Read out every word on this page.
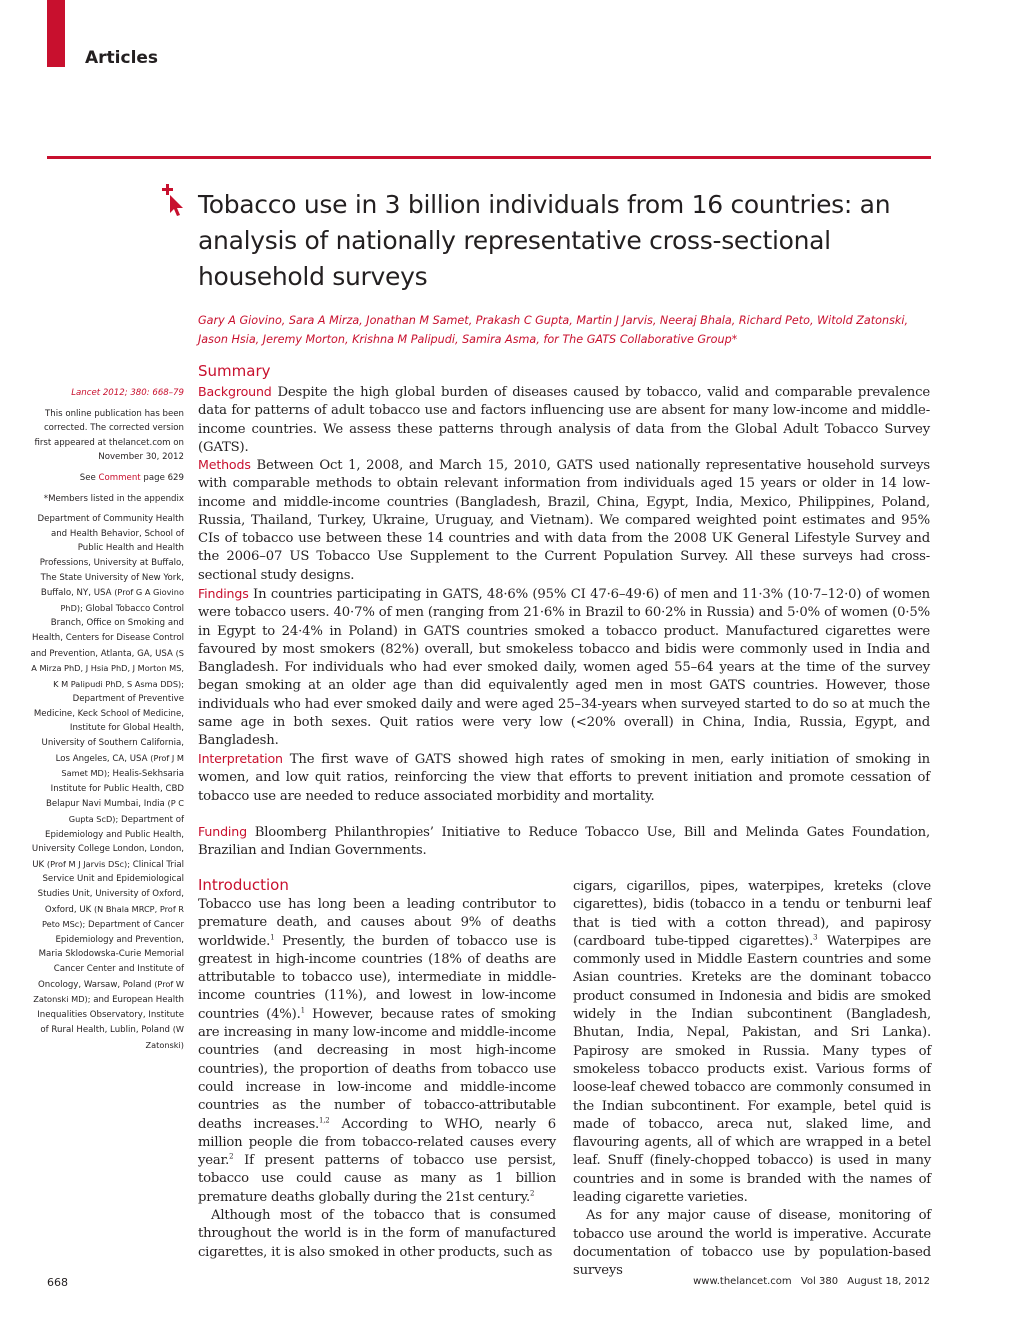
Articles
Tobacco use in 3 billion individuals from 16 countries: an analysis of nationally representative cross-sectional household surveys
Gary A Giovino, Sara A Mirza, Jonathan M Samet, Prakash C Gupta, Martin J Jarvis, Neeraj Bhala, Richard Peto, Witold Zatonski, Jason Hsia, Jeremy Morton, Krishna M Palipudi, Samira Asma, for The GATS Collaborative Group*

Lancet 2012; 380: 668–79

This online publication has been corrected. The corrected version first appeared at thelancet.com on November 30, 2012

See Comment page 629

*Members listed in the appendix

Department of Community Health and Health Behavior, School of Public Health and Health Professions, University at Buffalo, The State University of New York, Buffalo, NY, USA (Prof G A Giovino PhD); Global Tobacco Control Branch, Office on Smoking and Health, Centers for Disease Control and Prevention, Atlanta, GA, USA (S A Mirza PhD, J Hsia PhD, J Morton MS, K M Palipudi PhD, S Asma DDS); Department of Preventive Medicine, Keck School of Medicine, Institute for Global Health, University of Southern California, Los Angeles, CA, USA (Prof J M Samet MD); Healis-Sekhsaria Institute for Public Health, CBD Belapur Navi Mumbai, India (P C Gupta ScD); Department of Epidemiology and Public Health, University College London, London, UK (Prof M J Jarvis DSc); Clinical Trial Service Unit and Epidemiological Studies Unit, University of Oxford, Oxford, UK (N Bhala MRCP, Prof R Peto MSc); Department of Cancer Epidemiology and Prevention, Maria Sklodowska-Curie Memorial Cancer Center and Institute of Oncology, Warsaw, Poland (Prof W Zatonski MD); and European Health Inequalities Observatory, Institute of Rural Health, Lublin, Poland (W Zatonski)

Summary

Background Despite the high global burden of diseases caused by tobacco, valid and comparable prevalence data for patterns of adult tobacco use and factors influencing use are absent for many low-income and middle-income countries. We assess these patterns through analysis of data from the Global Adult Tobacco Survey (GATS).

Methods Between Oct 1, 2008, and March 15, 2010, GATS used nationally representative household surveys with comparable methods to obtain relevant information from individuals aged 15 years or older in 14 low-income and middle-income countries (Bangladesh, Brazil, China, Egypt, India, Mexico, Philippines, Poland, Russia, Thailand, Turkey, Ukraine, Uruguay, and Vietnam). We compared weighted point estimates and 95% CIs of tobacco use between these 14 countries and with data from the 2008 UK General Lifestyle Survey and the 2006–07 US Tobacco Use Supplement to the Current Population Survey. All these surveys had cross-sectional study designs.

Findings In countries participating in GATS, 48·6% (95% CI 47·6–49·6) of men and 11·3% (10·7–12·0) of women were tobacco users. 40·7% of men (ranging from 21·6% in Brazil to 60·2% in Russia) and 5·0% of women (0·5% in Egypt to 24·4% in Poland) in GATS countries smoked a tobacco product. Manufactured cigarettes were favoured by most smokers (82%) overall, but smokeless tobacco and bidis were commonly used in India and Bangladesh. For individuals who had ever smoked daily, women aged 55–64 years at the time of the survey began smoking at an older age than did equivalently aged men in most GATS countries. However, those individuals who had ever smoked daily and were aged 25–34-years when surveyed started to do so at much the same age in both sexes. Quit ratios were very low (<20% overall) in China, India, Russia, Egypt, and Bangladesh.

Interpretation The first wave of GATS showed high rates of smoking in men, early initiation of smoking in women, and low quit ratios, reinforcing the view that efforts to prevent initiation and promote cessation of tobacco use are needed to reduce associated morbidity and mortality.

Funding Bloomberg Philanthropies’ Initiative to Reduce Tobacco Use, Bill and Melinda Gates Foundation, Brazilian and Indian Governments.

Introduction

Tobacco use has long been a leading contributor to premature death, and causes about 9% of deaths worldwide.$^1$ Presently, the burden of tobacco use is greatest in high-income countries (18% of deaths are attributable to tobacco use), intermediate in middle-income countries (11%), and lowest in low-income countries (4%).$^1$ However, because rates of smoking are increasing in many low-income and middle-income countries (and decreasing in most high-income countries), the proportion of deaths from tobacco use could increase in low-income and middle-income countries as the number of tobacco-attributable deaths increases.$^{1,2}$ According to WHO, nearly 6 million people die from tobacco-related causes every year.$^2$ If present patterns of tobacco use persist, tobacco use could cause as many as 1 billion premature deaths globally during the 21st century.$^2$

Although most of the tobacco that is consumed throughout the world is in the form of manufactured cigarettes, it is also smoked in other products, such as

cigars, cigarillos, pipes, waterpipes, kreteks (clove cigarettes), bidis (tobacco in a tendu or tenburni leaf that is tied with a cotton thread), and papirosy (cardboard tube-tipped cigarettes).$^3$ Waterpipes are commonly used in Middle Eastern countries and some Asian countries. Kreteks are the dominant tobacco product consumed in Indonesia and bidis are smoked widely in the Indian subcontinent (Bangladesh, Bhutan, India, Nepal, Pakistan, and Sri Lanka). Papirosy are smoked in Russia. Many types of smokeless tobacco products exist. Various forms of loose-leaf chewed tobacco are commonly consumed in the Indian subcontinent. For example, betel quid is made of tobacco, areca nut, slaked lime, and flavouring agents, all of which are wrapped in a betel leaf. Snuff (finely-chopped tobacco) is used in many countries and in some is branded with the names of leading cigarette varieties.

As for any major cause of disease, monitoring of tobacco use around the world is imperative. Accurate documentation of tobacco use by population-based surveys

668	www.thelancet.com Vol 380 August 18, 2012
